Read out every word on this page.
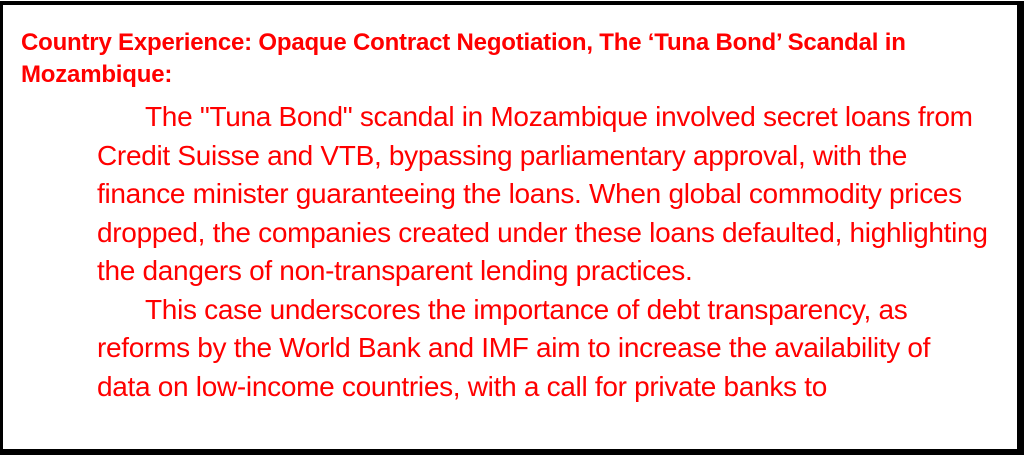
Country Experience: Opaque Contract Negotiation, The ‘Tuna Bond’ Scandal in Mozambique:

The "Tuna Bond" scandal in Mozambique involved secret loans from Credit Suisse and VTB, bypassing parliamentary approval, with the finance minister guaranteeing the loans. When global commodity prices dropped, the companies created under these loans defaulted, highlighting the dangers of non-transparent lending practices.

This case underscores the importance of debt transparency, as reforms by the World Bank and IMF aim to increase the availability of data on low-income countries, with a call for private banks to
